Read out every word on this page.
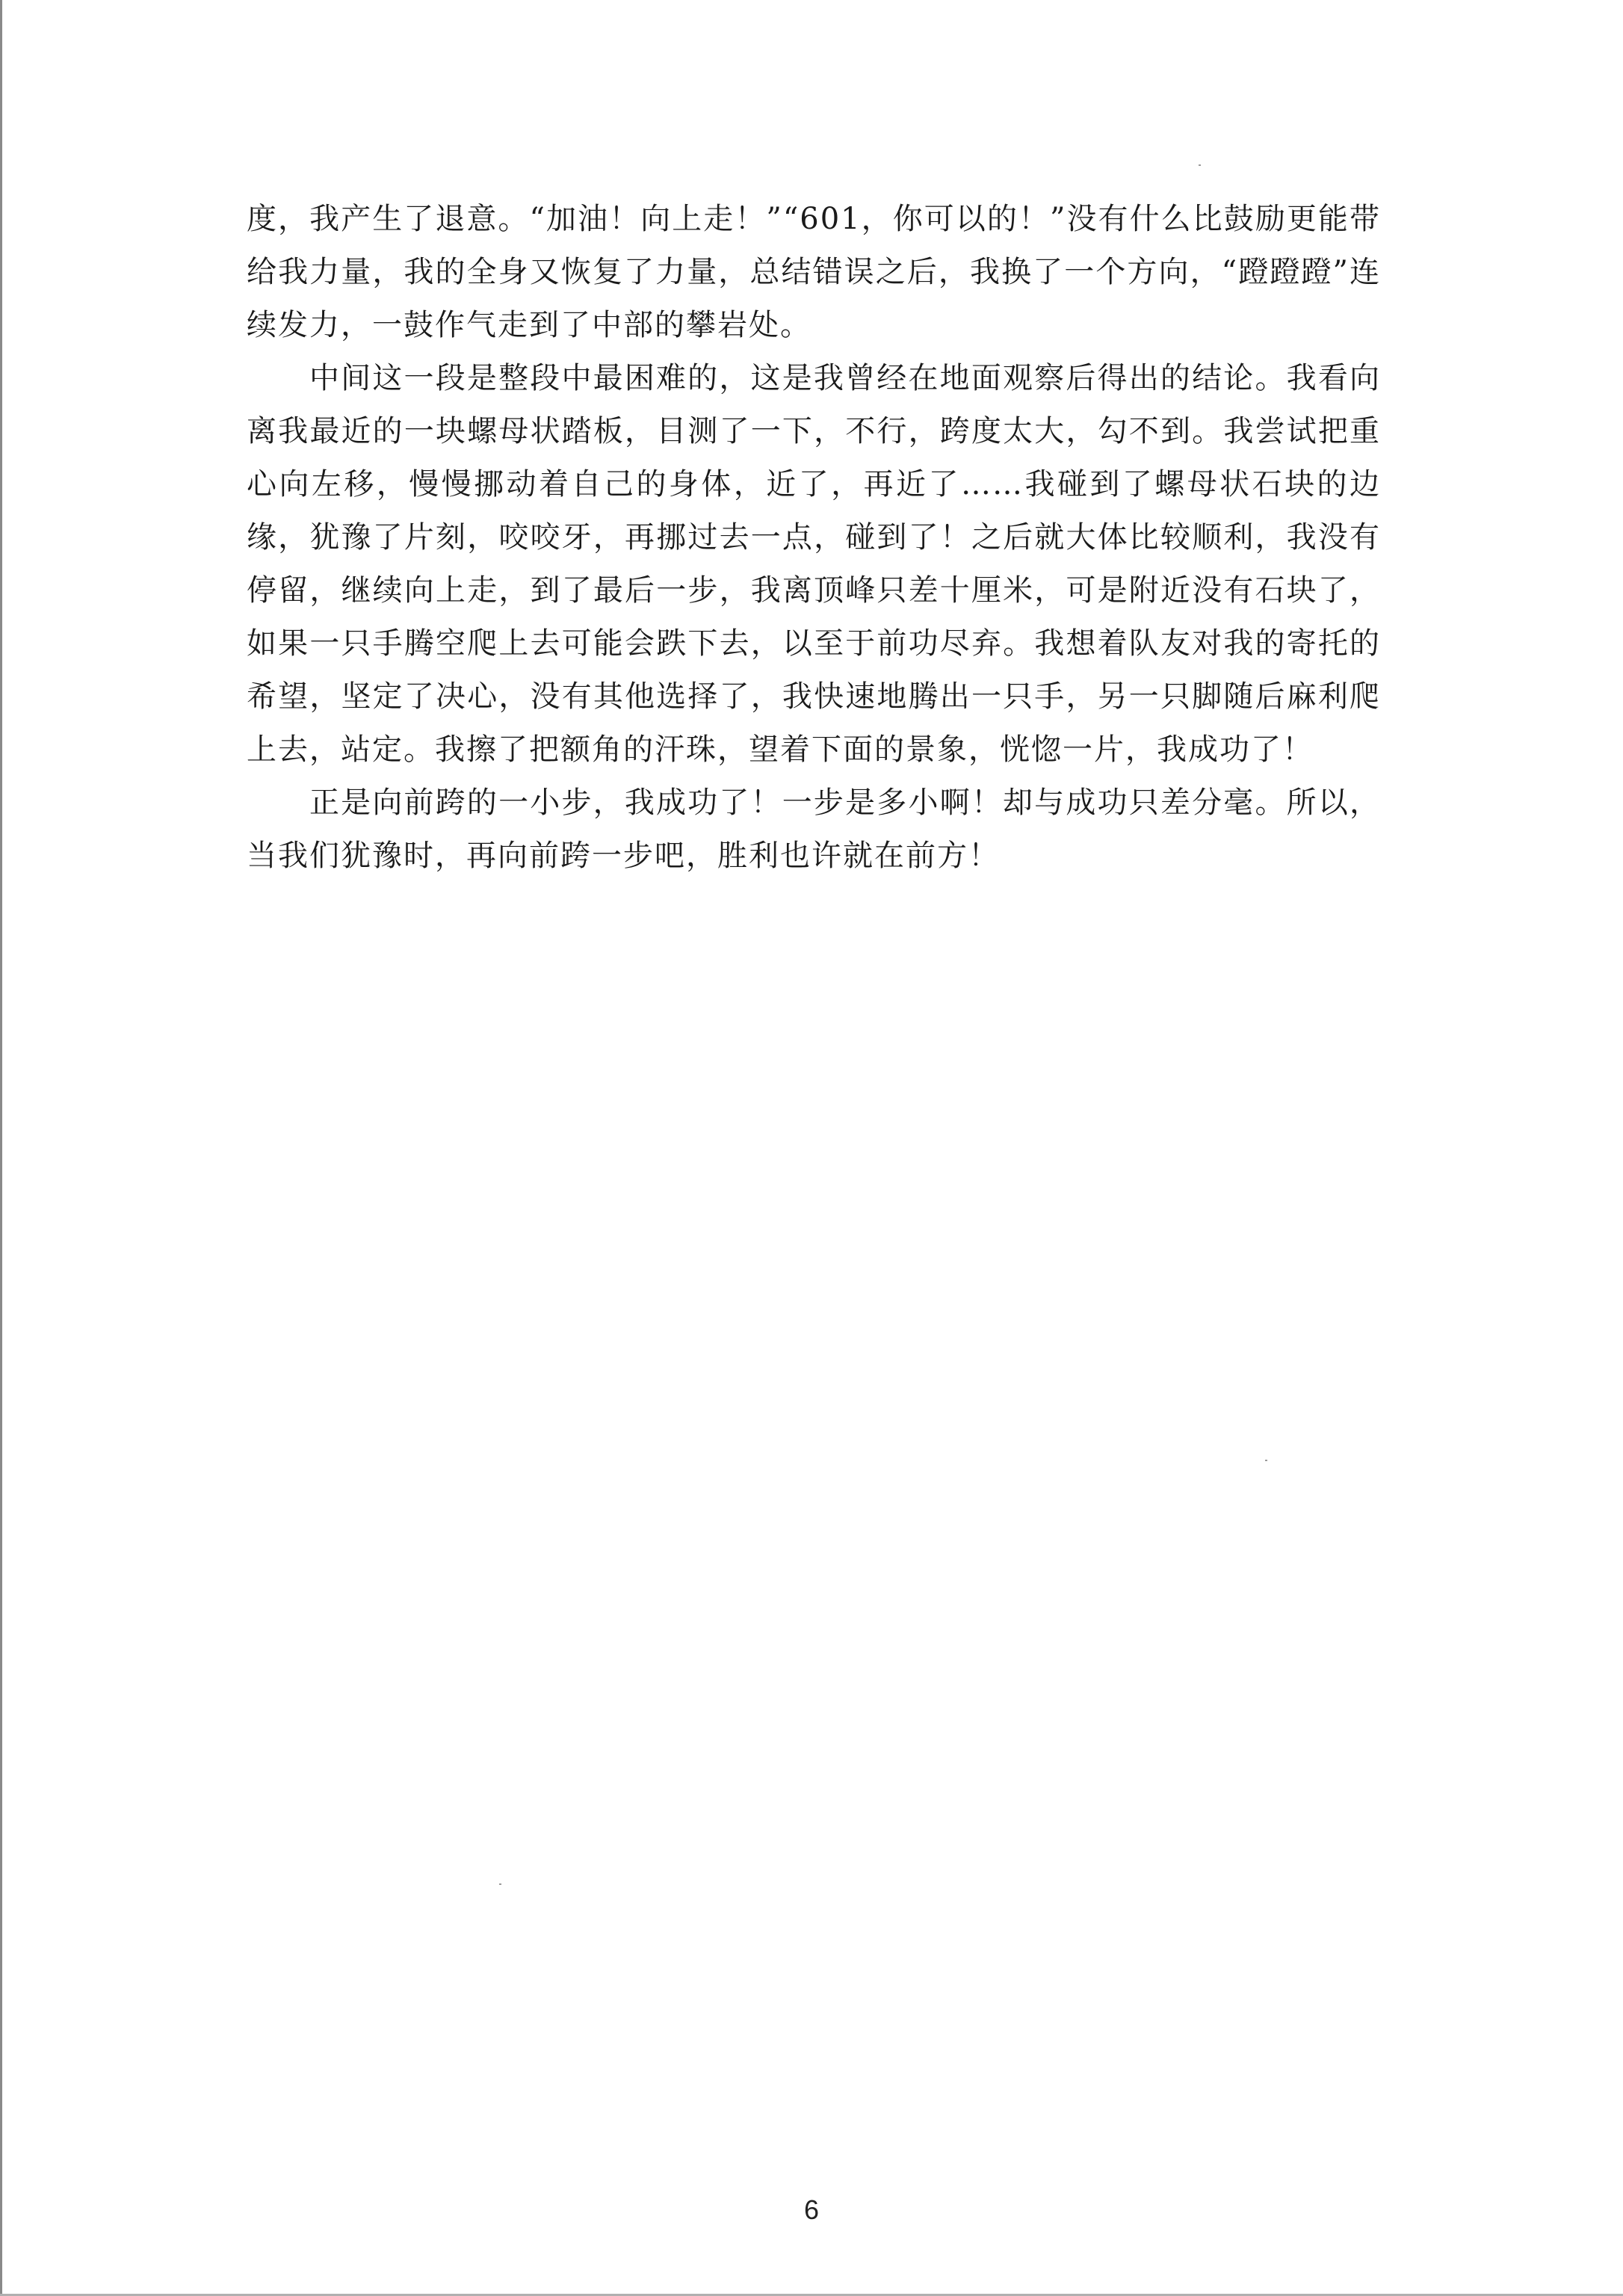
度，我产生了退意。“加油！向上走！”“601，你可以的！”没有什么比鼓励更能带给我力量，我的全身又恢复了力量，总结错误之后，我换了一个方向，“蹬蹬蹬”连续发力，一鼓作气走到了中部的攀岩处。

中间这一段是整段中最困难的，这是我曾经在地面观察后得出的结论。我看向离我最近的一块螺母状踏板，目测了一下，不行，跨度太大，勾不到。我尝试把重心向左移，慢慢挪动着自己的身体，近了，再近了……我碰到了螺母状石块的边缘，犹豫了片刻，咬咬牙，再挪过去一点，碰到了！之后就大体比较顺利，我没有停留，继续向上走，到了最后一步，我离顶峰只差十厘米，可是附近没有石块了，如果一只手腾空爬上去可能会跌下去，以至于前功尽弃。我想着队友对我的寄托的希望，坚定了决心，没有其他选择了，我快速地腾出一只手，另一只脚随后麻利爬上去，站定。我擦了把额角的汗珠，望着下面的景象，恍惚一片，我成功了！

正是向前跨的一小步，我成功了！一步是多小啊！却与成功只差分毫。所以，当我们犹豫时，再向前跨一步吧，胜利也许就在前方！

6
